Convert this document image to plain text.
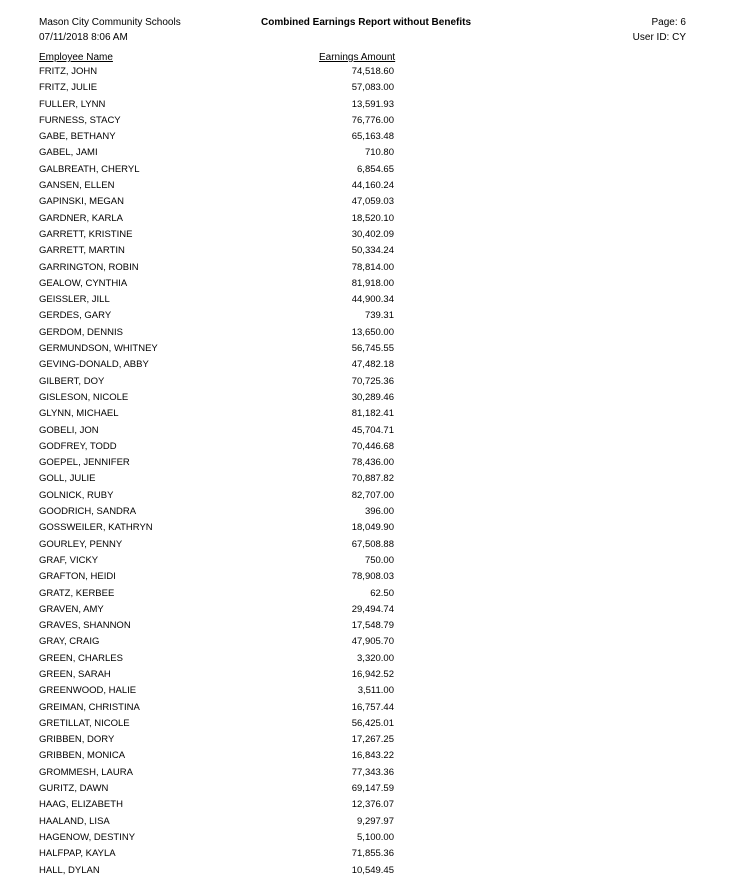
Mason City Community Schools
07/11/2018 8:06 AM
Combined Earnings Report without Benefits	Page: 6
User ID: CY
Employee Name	Earnings Amount
FRITZ, JOHN	74,518.60
FRITZ, JULIE	57,083.00
FULLER, LYNN	13,591.93
FURNESS, STACY	76,776.00
GABE, BETHANY	65,163.48
GABEL, JAMI	710.80
GALBREATH, CHERYL	6,854.65
GANSEN, ELLEN	44,160.24
GAPINSKI, MEGAN	47,059.03
GARDNER, KARLA	18,520.10
GARRETT, KRISTINE	30,402.09
GARRETT, MARTIN	50,334.24
GARRINGTON, ROBIN	78,814.00
GEALOW, CYNTHIA	81,918.00
GEISSLER, JILL	44,900.34
GERDES, GARY	739.31
GERDOM, DENNIS	13,650.00
GERMUNDSON, WHITNEY	56,745.55
GEVING-DONALD, ABBY	47,482.18
GILBERT, DOY	70,725.36
GISLESON, NICOLE	30,289.46
GLYNN, MICHAEL	81,182.41
GOBELI, JON	45,704.71
GODFREY, TODD	70,446.68
GOEPEL, JENNIFER	78,436.00
GOLL, JULIE	70,887.82
GOLNICK, RUBY	82,707.00
GOODRICH, SANDRA	396.00
GOSSWEILER, KATHRYN	18,049.90
GOURLEY, PENNY	67,508.88
GRAF, VICKY	750.00
GRAFTON, HEIDI	78,908.03
GRATZ, KERBEE	62.50
GRAVEN, AMY	29,494.74
GRAVES, SHANNON	17,548.79
GRAY, CRAIG	47,905.70
GREEN, CHARLES	3,320.00
GREEN, SARAH	16,942.52
GREENWOOD, HALIE	3,511.00
GREIMAN, CHRISTINA	16,757.44
GRETILLAT, NICOLE	56,425.01
GRIBBEN, DORY	17,267.25
GRIBBEN, MONICA	16,843.22
GROMMESH, LAURA	77,343.36
GURITZ, DAWN	69,147.59
HAAG, ELIZABETH	12,376.07
HAALAND, LISA	9,297.97
HAGENOW, DESTINY	5,100.00
HALFPAP, KAYLA	71,855.36
HALL, DYLAN	10,549.45
